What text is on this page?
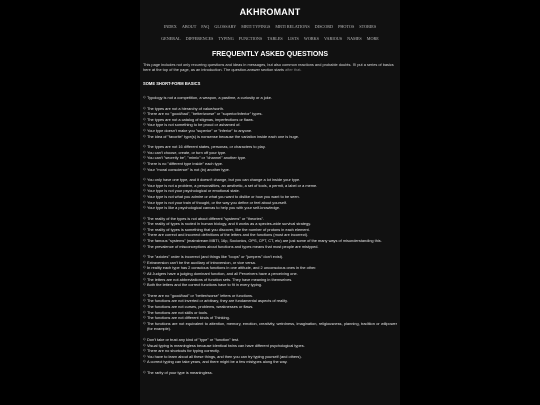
AKHROMANT
INDEX ABOUT FAQ GLOSSARY MBTI TYPINGS MBTI RELATIONS DISCORD PHOTOS STORIES
GENERAL DIFFERENCES TYPING FUNCTIONS TABLES LISTS WORKS VARIOUS NAMES MORE
FREQUENTLY ASKED QUESTIONS
This page includes not only recurring questions and ideas in messages, but also common reactions and probable doubts. I'll put a series of basics here at the top of the page, as an introduction. The question-answer section starts after that.
SOME SHORT-FORM BASICS
◇ Typology is not a competition, a weapon, a pastime, a curiosity or a joke.
◇ The types are not a hierarchy of value/worth.
◇ There are no "good/bad", "better/worse" or "superior/inferior" types.
◇ The types are not a catalog of stigmas, imperfections or flaws.
◇ Your type is not something to be proud or ashamed of.
◇ Your type doesn't make you "superior" or "inferior" to anyone.
◇ The idea of "favorite" type(s) is nonsense because the variation inside each one is huge.
◇ The types are not 16 different states, personas, or characters to play.
◇ You can't choose, create, or turn off your type.
◇ You can't "secretly be", "mimic" or "channel" another type.
◇ There is no "different type inside" each type.
◇ Your "moral conscience" is not (in) another type.
◇ You only have one type, and it doesn't change, but you can change a lot inside your type.
◇ Your type is not a problem, a personalities, an aesthetic, a set of tools, a permit, a label or a meme.
◇ Your type is not your psychological or emotional state.
◇ Your type is not what you admire or what you want to dislike or how you want to be seen.
◇ Your type is not your train of thought, or the way you define or feel about yourself.
◇ Your type is like a psychological canvas to help you with your self-knowledge.
◇ The reality of the types is not about different "systems" or "theories".
◇ The reality of types is rooted in human biology, and it works as a species-wide survival strategy.
◇ The reality of types is something that you discover, like the number of protons in each element.
◇ There are correct and incorrect definitions of the letters and the functions (most are incorrect).
◇ The famous "systems" (mainstream MBTI, 16p, Socionics, OPS, CPT, CT, etc) are just some of the many ways of misunderstanding this.
◇ The prevalence of misconceptions about functions and types means that most people are mistyped.
◇ The "axioles" order is incorrect (and things like "loops" or "jumpers" don't exist).
◇ Extraversion can't be the auxiliary of introversion, or vice versa.
◇ In reality each type has 2 conscious functions in one attitude, and 2 unconscious ones in the other.
◇ All Judgers have a judging dominant function, and all Perceivers have a perceiving one.
◇ The letters are not abbreviations of function sets. They have meaning in themselves.
◇ Both the letters and the correct functions have to fit in every typing.
◇ There are no "good/bad" or "better/worse" letters or functions.
◇ The functions are not inverted or arbitrary, they are fundamental aspects of reality.
◇ The functions are not curses, problems, weaknesses or flaws.
◇ The functions are not skills or tools.
◇ The functions are not different kinds of Thinking.
◇ The functions are not equivalent to attention, memory, emotion, creativity, weirdness, imagination, religiousness, planning, tradition or willpower (for example).
◇ Don't take or trust any kind of "type" or "function" test.
◇ Visual typing is meaningless because identical twins can have different psychological types.
◇ There are no shortcuts for typing correctly.
◇ You have to learn about all these things, and then you can try typing yourself (and others).
◇ A correct typing can take years, and there might be a few mistypes along the way.
◇ The rarity of your type is meaningless.
